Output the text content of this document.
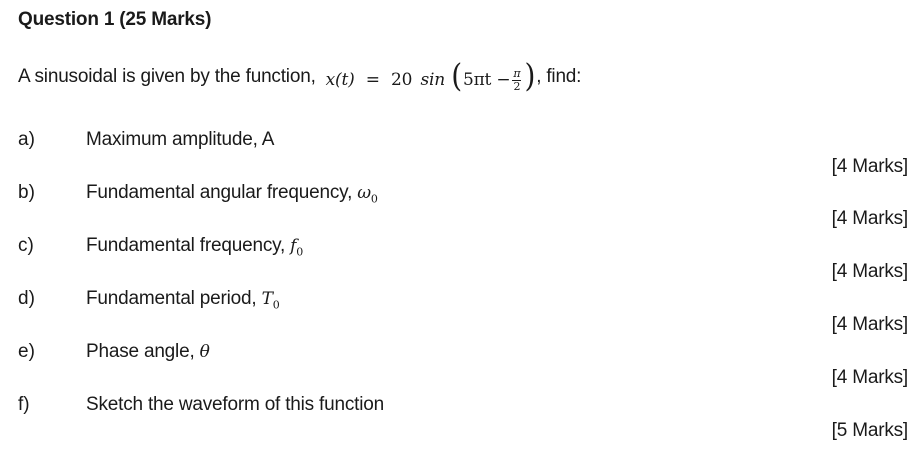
Question 1 (25 Marks)
A sinusoidal is given by the function, x(t) = 20 $\sin (5\pi t - \frac{\pi}{2}$ ) , find:
a)	Maximum amplitude, A
[4 Marks]
b)	Fundamental angular frequency, $\omega_0$
[4 Marks]
c)	Fundamental frequency, $f_0$
[4 Marks]
d)	Fundamental period, $T_0$
[4 Marks]
e)	Phase angle, θ
[4 Marks]
f)	Sketch the waveform of this function
[5 Marks]
